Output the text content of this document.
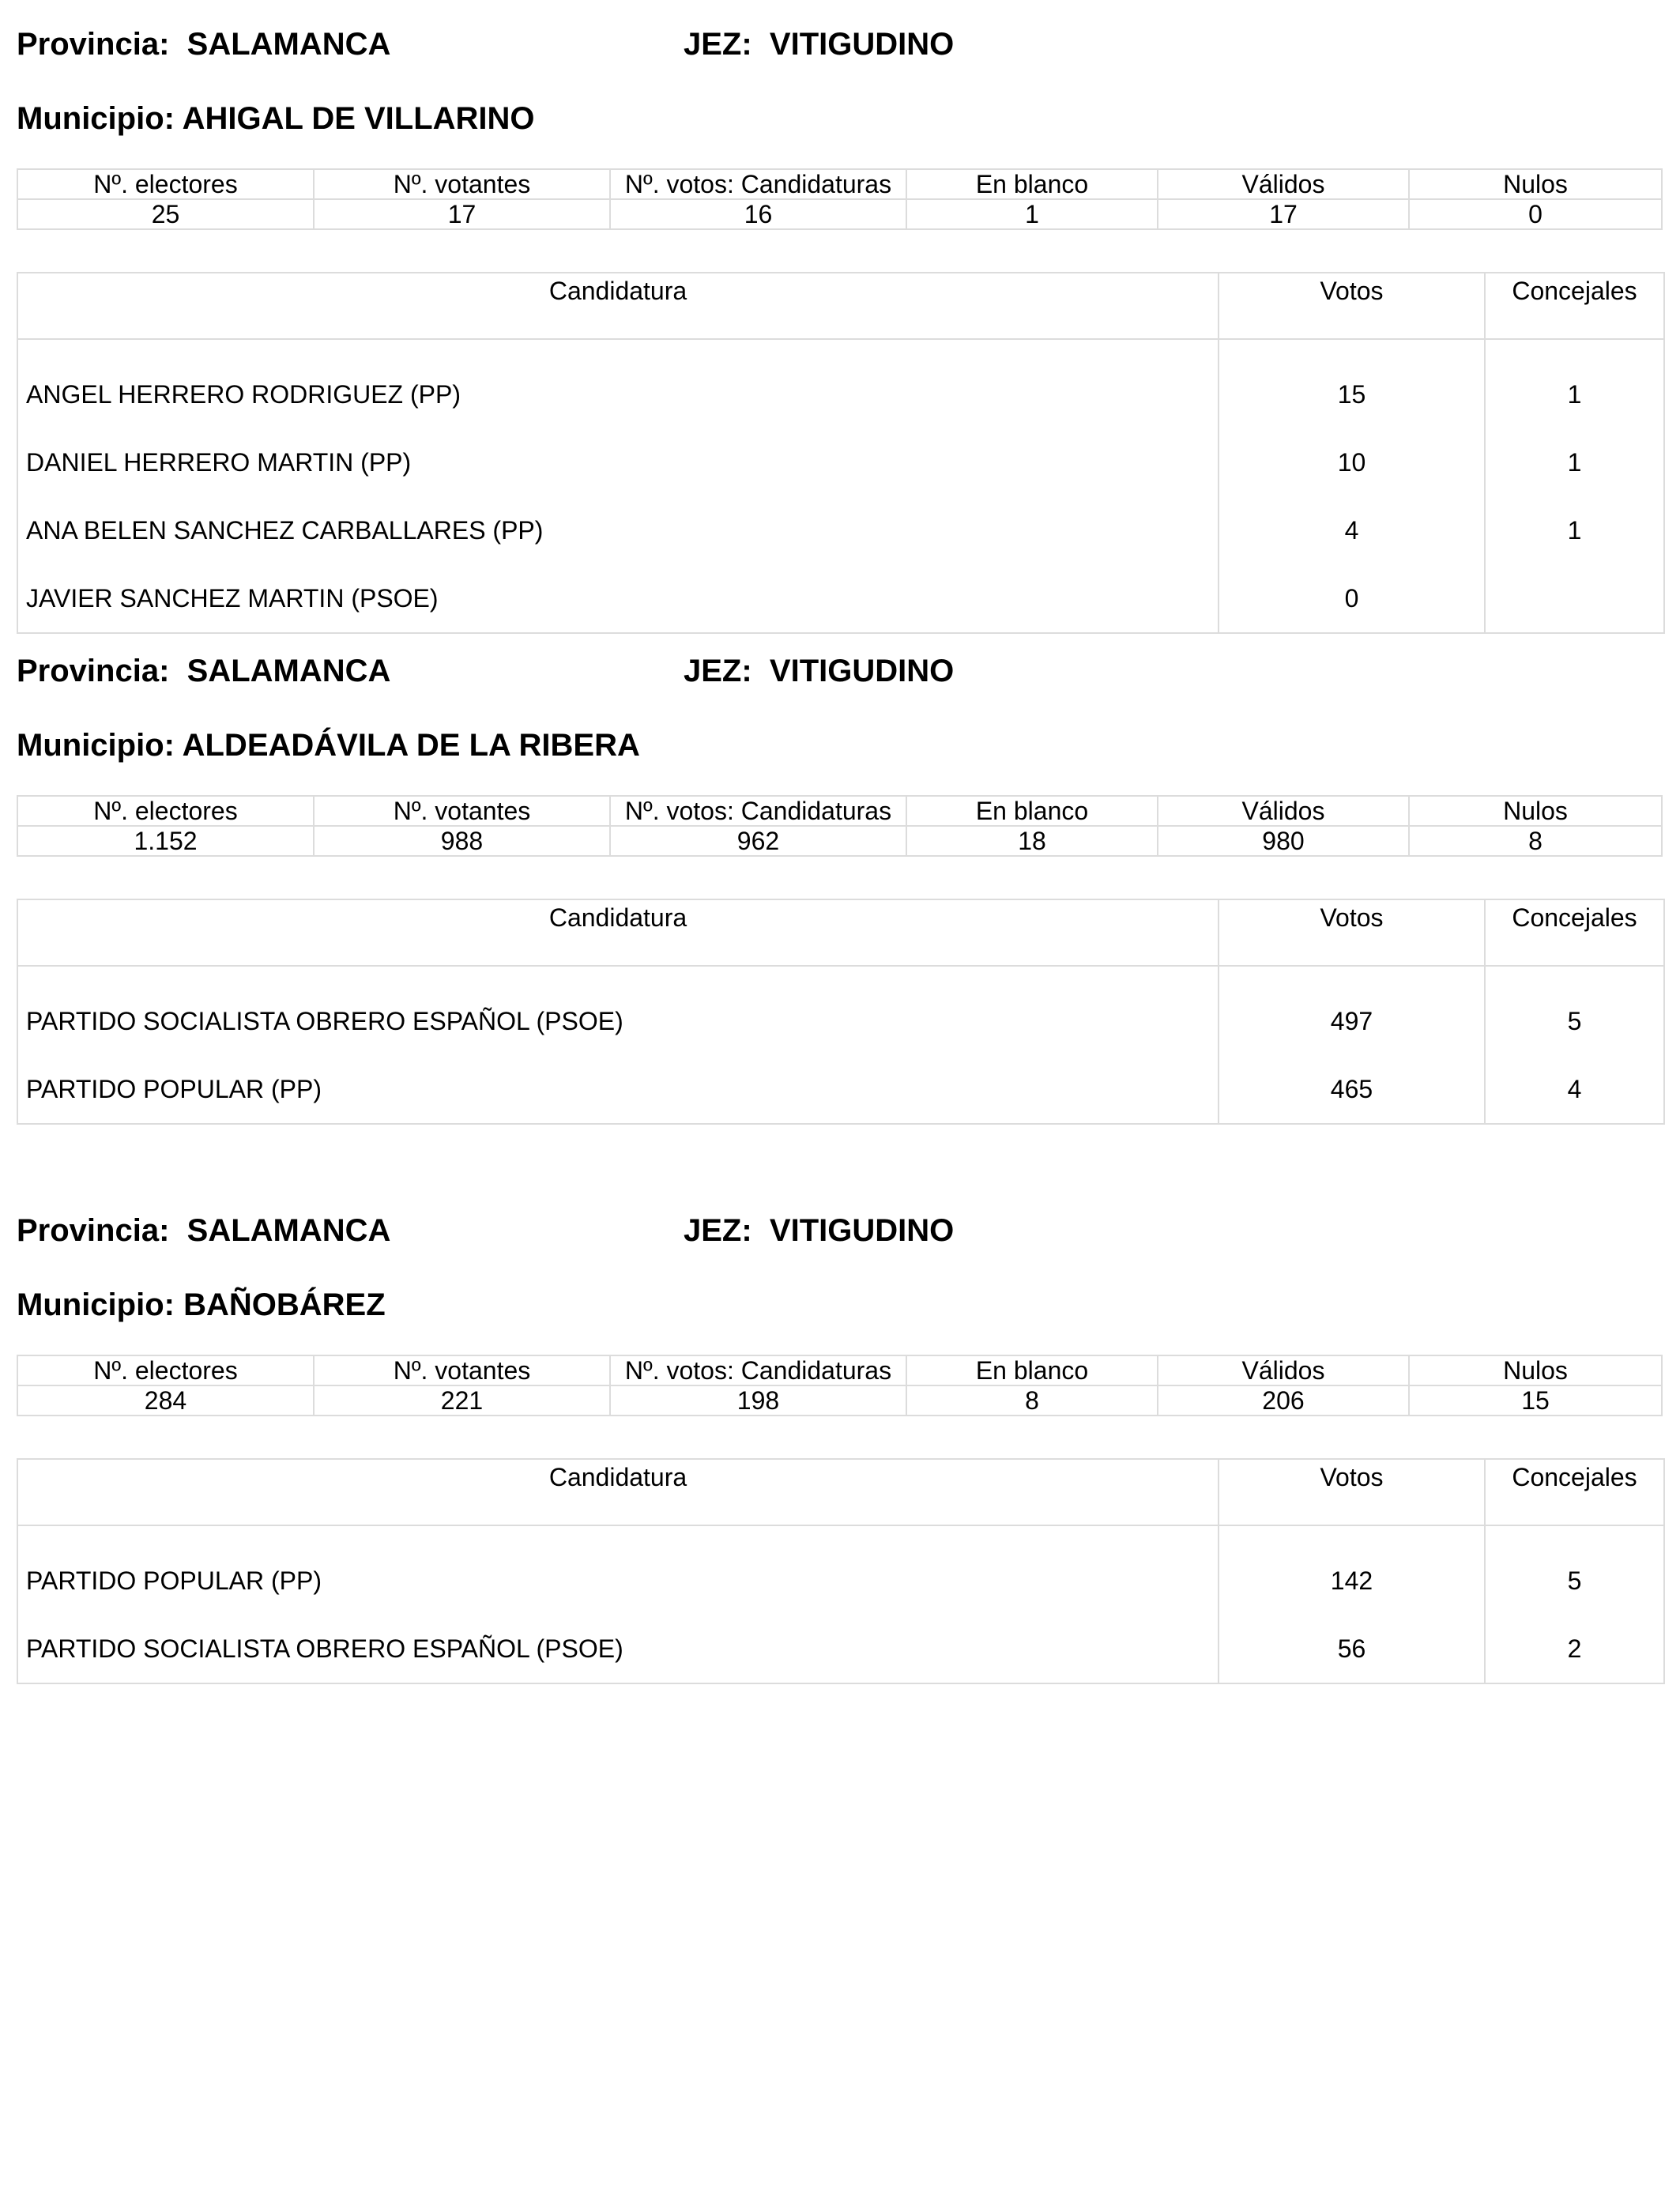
Provincia: SALAMANCA	JEZ: VITIGUDINO
Municipio: AHIGAL DE VILLARINO
Nº. electores	Nº. votantes	Nº. votos: Candidaturas	En blanco	Válidos	Nulos
25	17	16	1	17	0
Candidatura	Votos	Concejales

ANGEL HERRERO RODRIGUEZ (PP)	15	1
DANIEL HERRERO MARTIN (PP)	10	1
ANA BELEN SANCHEZ CARBALLARES (PP)	4	1
JAVIER SANCHEZ MARTIN (PSOE)	0	
Provincia: SALAMANCA	JEZ: VITIGUDINO
Municipio: ALDEADÁVILA DE LA RIBERA
Nº. electores	Nº. votantes	Nº. votos: Candidaturas	En blanco	Válidos	Nulos
1.152	988	962	18	980	8
Candidatura	Votos	Concejales

PARTIDO SOCIALISTA OBRERO ESPAÑOL (PSOE)	497	5
PARTIDO POPULAR (PP)	465	4
Provincia: SALAMANCA	JEZ: VITIGUDINO
Municipio: BAÑOBÁREZ
Nº. electores	Nº. votantes	Nº. votos: Candidaturas	En blanco	Válidos	Nulos
284	221	198	8	206	15
Candidatura	Votos	Concejales

PARTIDO POPULAR (PP)	142	5
PARTIDO SOCIALISTA OBRERO ESPAÑOL (PSOE)	56	2
